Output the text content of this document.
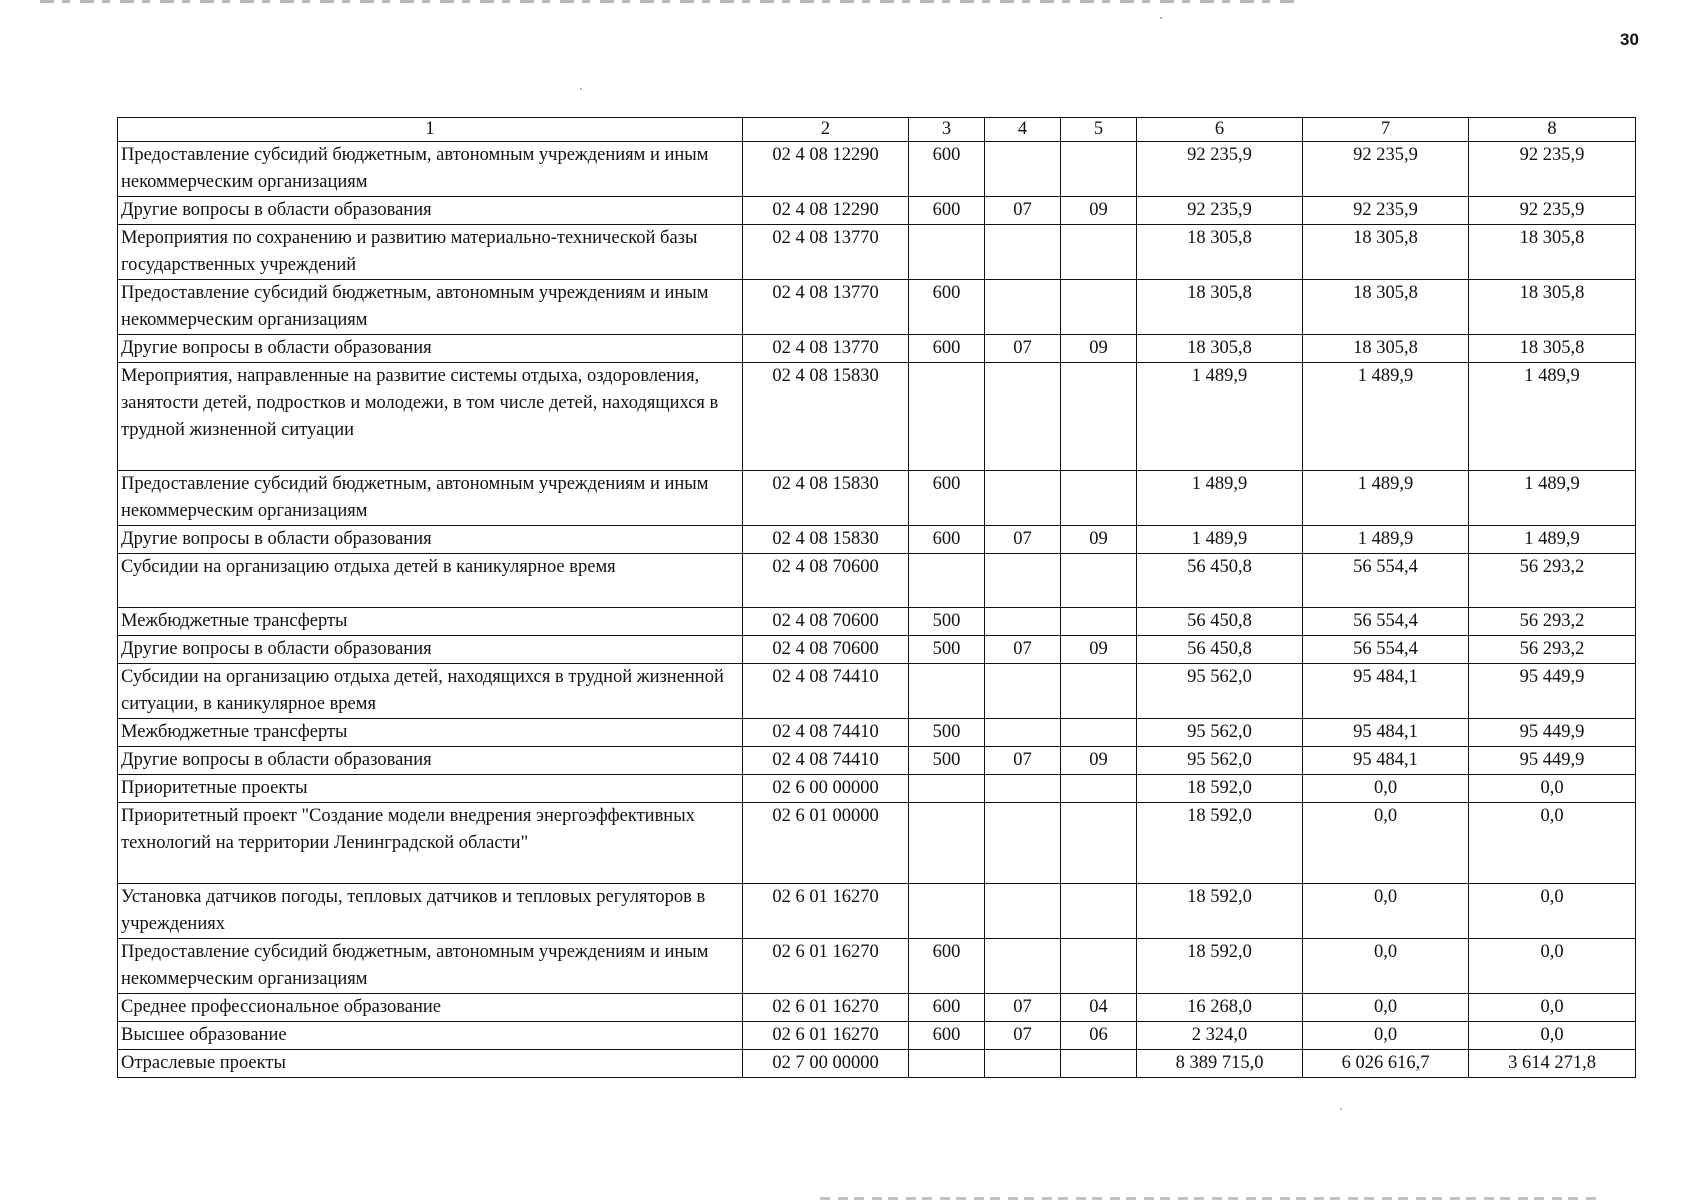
30
1	2	3	4	5	6	7	8
Предоставление субсидий бюджетным, автономным учреждениям и иным некоммерческим организациям	02 4 08 12290	600			92 235,9	92 235,9	92 235,9
Другие вопросы в области образования	02 4 08 12290	600	07	09	92 235,9	92 235,9	92 235,9
Мероприятия по сохранению и развитию материально-технической базы государственных учреждений	02 4 08 13770				18 305,8	18 305,8	18 305,8
Предоставление субсидий бюджетным, автономным учреждениям и иным некоммерческим организациям	02 4 08 13770	600			18 305,8	18 305,8	18 305,8
Другие вопросы в области образования	02 4 08 13770	600	07	09	18 305,8	18 305,8	18 305,8
Мероприятия, направленные на развитие системы отдыха, оздоровления, занятости детей, подростков и молодежи, в том числе детей, находящихся в трудной жизненной ситуации	02 4 08 15830				1 489,9	1 489,9	1 489,9
Предоставление субсидий бюджетным, автономным учреждениям и иным некоммерческим организациям	02 4 08 15830	600			1 489,9	1 489,9	1 489,9
Другие вопросы в области образования	02 4 08 15830	600	07	09	1 489,9	1 489,9	1 489,9
Субсидии на организацию отдыха детей в каникулярное время	02 4 08 70600				56 450,8	56 554,4	56 293,2
Межбюджетные трансферты	02 4 08 70600	500			56 450,8	56 554,4	56 293,2
Другие вопросы в области образования	02 4 08 70600	500	07	09	56 450,8	56 554,4	56 293,2
Субсидии на организацию отдыха детей, находящихся в трудной жизненной ситуации, в каникулярное время	02 4 08 74410				95 562,0	95 484,1	95 449,9
Межбюджетные трансферты	02 4 08 74410	500			95 562,0	95 484,1	95 449,9
Другие вопросы в области образования	02 4 08 74410	500	07	09	95 562,0	95 484,1	95 449,9
Приоритетные проекты	02 6 00 00000				18 592,0	0,0	0,0
Приоритетный проект "Создание модели внедрения энергоэффективных технологий на территории Ленинградской области"	02 6 01 00000				18 592,0	0,0	0,0
Установка датчиков погоды, тепловых датчиков и тепловых регуляторов в учреждениях	02 6 01 16270				18 592,0	0,0	0,0
Предоставление субсидий бюджетным, автономным учреждениям и иным некоммерческим организациям	02 6 01 16270	600			18 592,0	0,0	0,0
Среднее профессиональное образование	02 6 01 16270	600	07	04	16 268,0	0,0	0,0
Высшее образование	02 6 01 16270	600	07	06	2 324,0	0,0	0,0
Отраслевые проекты	02 7 00 00000				8 389 715,0	6 026 616,7	3 614 271,8
